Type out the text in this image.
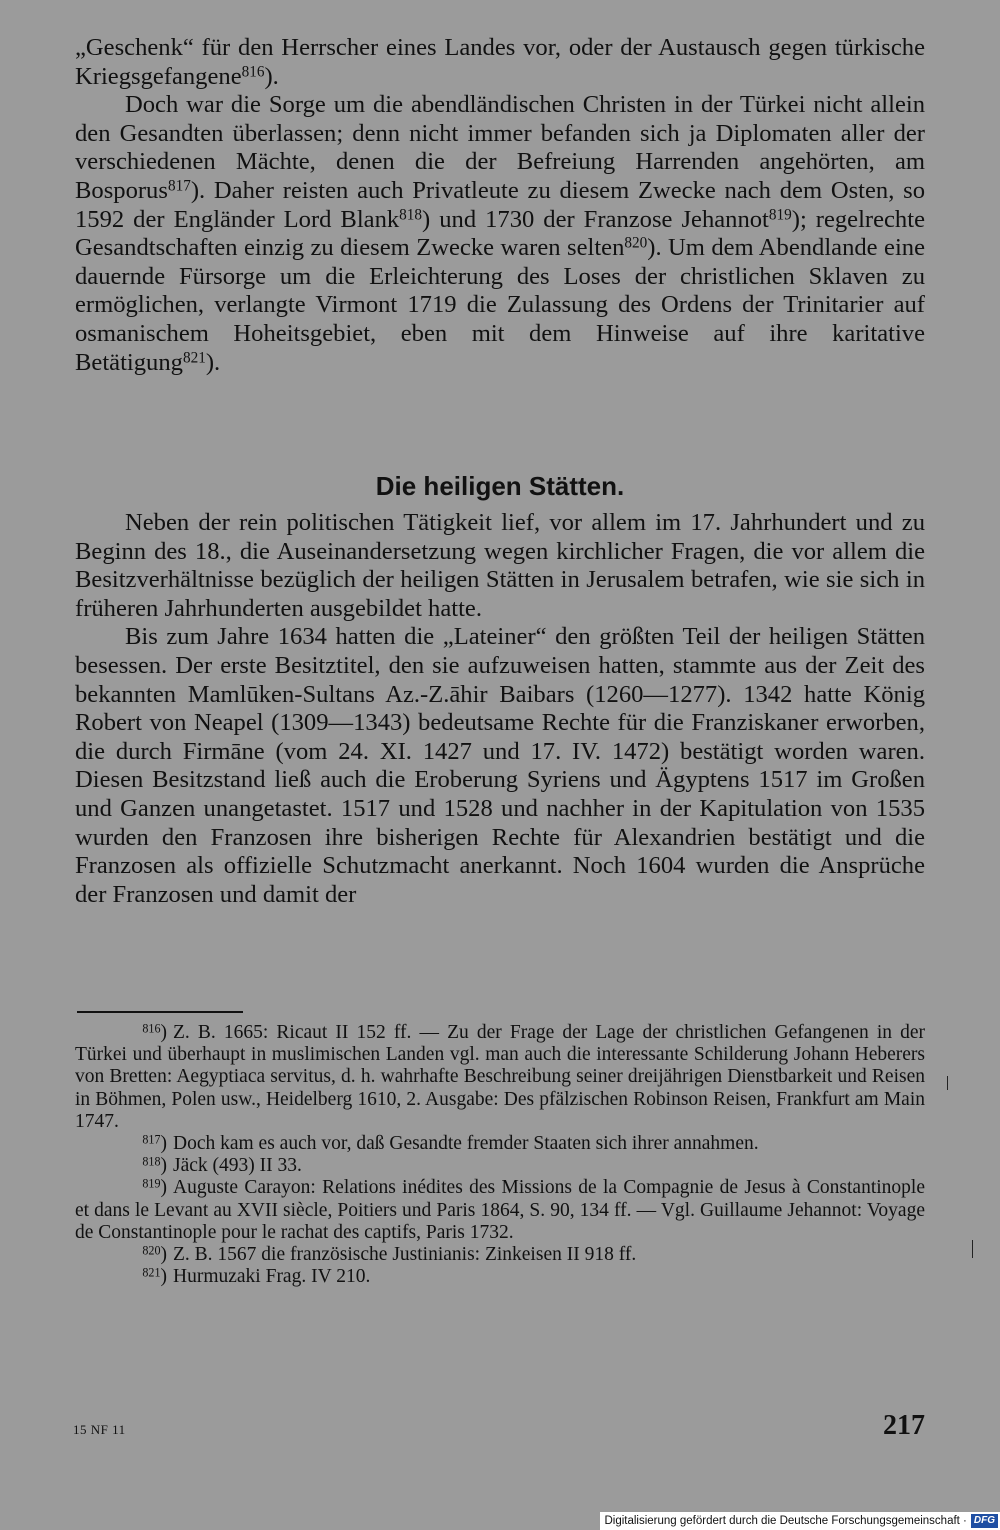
„Geschenk“ für den Herrscher eines Landes vor, oder der Austausch gegen türkische Kriegsgefangene$^{816}$).

Doch war die Sorge um die abendländischen Christen in der Türkei nicht allein den Gesandten überlassen; denn nicht immer befanden sich ja Diplomaten aller der verschiedenen Mächte, denen die der Befreiung Harrenden angehörten, am Bosporus$^{817}$). Daher reisten auch Privatleute zu diesem Zwecke nach dem Osten, so 1592 der Engländer Lord Blank$^{818}$) und 1730 der Franzose Jehannot$^{819}$); regelrechte Gesandtschaften einzig zu diesem Zwecke waren selten$^{820}$). Um dem Abendlande eine dauernde Fürsorge um die Erleichterung des Loses der christlichen Sklaven zu ermöglichen, verlangte Virmont 1719 die Zulassung des Ordens der Trinitarier auf osmanischem Hoheitsgebiet, eben mit dem Hinweise auf ihre karitative Betätigung$^{821}$).

Die heiligen Stätten.

Neben der rein politischen Tätigkeit lief, vor allem im 17. Jahrhundert und zu Beginn des 18., die Auseinandersetzung wegen kirchlicher Fragen, die vor allem die Besitzverhältnisse bezüglich der heiligen Stätten in Jerusalem betrafen, wie sie sich in früheren Jahrhunderten ausgebildet hatte.

Bis zum Jahre 1634 hatten die „Lateiner“ den größten Teil der heiligen Stätten besessen. Der erste Besitztitel, den sie aufzuweisen hatten, stammte aus der Zeit des bekannten Mamlūken-Sultans Az.-Z.āhir Baibars (1260—1277). 1342 hatte König Robert von Neapel (1309—1343) bedeutsame Rechte für die Franziskaner erworben, die durch Firmāne (vom 24. XI. 1427 und 17. IV. 1472) bestätigt worden waren. Diesen Besitzstand ließ auch die Eroberung Syriens und Ägyptens 1517 im Großen und Ganzen unangetastet. 1517 und 1528 und nachher in der Kapitulation von 1535 wurden den Franzosen ihre bisherigen Rechte für Alexandrien bestätigt und die Franzosen als offizielle Schutzmacht anerkannt. Noch 1604 wurden die Ansprüche der Franzosen und damit der

$^{816}$) Z. B. 1665: Ricaut II 152 ff. — Zu der Frage der Lage der christlichen Gefangenen in der Türkei und überhaupt in muslimischen Landen vgl. man auch die interessante Schilderung Johann Heberers von Bretten: Aegyptiaca servitus, d. h. wahrhafte Beschreibung seiner dreijährigen Dienstbarkeit und Reisen in Böhmen, Polen usw., Heidelberg 1610, 2. Ausgabe: Des pfälzischen Robinson Reisen, Frankfurt am Main 1747.

$^{817}$) Doch kam es auch vor, daß Gesandte fremder Staaten sich ihrer annahmen.

$^{818}$) Jäck (493) II 33.

$^{819}$) Auguste Carayon: Relations inédites des Missions de la Compagnie de Jesus à Constantinople et dans le Levant au XVII siècle, Poitiers und Paris 1864, S. 90, 134 ff. — Vgl. Guillaume Jehannot: Voyage de Constantinople pour le rachat des captifs, Paris 1732.

$^{820}$) Z. B. 1567 die französische Justinianis: Zinkeisen II 918 ff.

$^{821}$) Hurmuzaki Frag. IV 210.

15 NF 11	217
Digitalisierung gefördert durch die Deutsche Forschungsgemeinschaft · DFG
